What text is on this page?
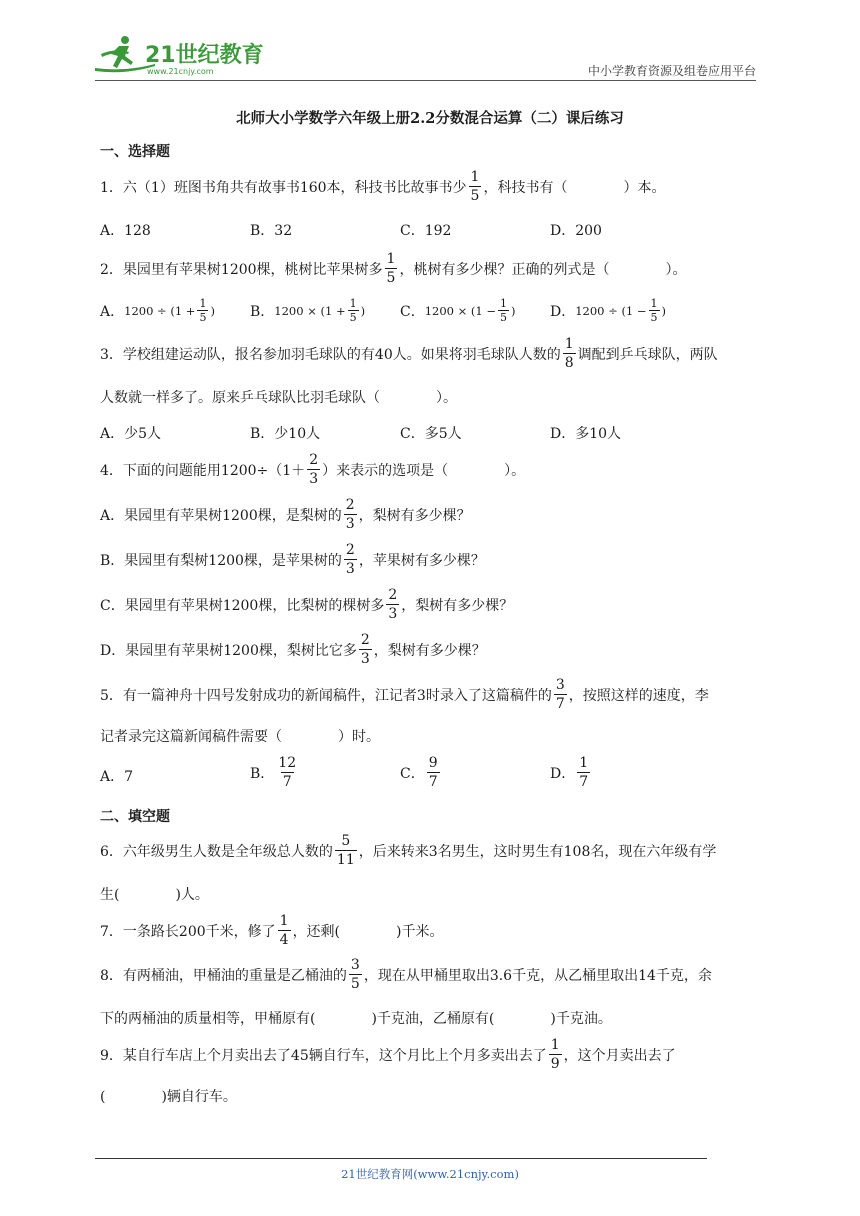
21世纪教育
www.21cnjy.com	中小学教育资源及组卷应用平台
北师大小学数学六年级上册2.2分数混合运算（二）课后练习
一、选择题
1．六（1）班图书角共有故事书160本，科技书比故事书少 $\frac{1}{5}$ ，科技书有（　　　　）本。
A．128	B．32	C．192	D．200
2．果园里有苹果树1200棵，桃树比苹果树多 $\frac{1}{5}$ ，桃树有多少棵？正确的列式是（　　　　）。
A． $1200 \div (1 + \frac{1}{5}$ )	B． $1200 \times (1 + \frac{1}{5}$ ) C． $1200 \times (1 - \frac{1}{5}$ ) D． $1200 \div (1 - \frac{1}{5}$ )
3．学校组建运动队，报名参加羽毛球队的有40人。如果将羽毛球队人数的 $\frac{1}{8}$ 调配到乒乓球队，两队
人数就一样多了。原来乒乓球队比羽毛球队（　　　　）。
A．少5人	B．少10人	C．多5人	D．多10人
4．下面的问题能用$1200\div(1+ \frac{2}{3}$ ）来表示的选项是（　　　　）。
A．果园里有苹果树1200棵，是梨树的 $\frac{2}{3}$ ，梨树有多少棵？
B．果园里有梨树1200棵，是苹果树的 $\frac{2}{3}$ ，苹果树有多少棵？
C．果园里有苹果树1200棵，比梨树的棵树多 $\frac{2}{3}$ ，梨树有多少棵？
D．果园里有苹果树1200棵，梨树比它多 $\frac{2}{3}$ ，梨树有多少棵？
5．有一篇神舟十四号发射成功的新闻稿件，江记者3时录入了这篇稿件的 $\frac{3}{7}$ ，按照这样的速度，李
记者录完这篇新闻稿件需要（　　　　）时。
A．7	B． $\frac{12}{7}$	C． $\frac{9}{7}$	D． $\frac{1}{7}$
二、填空题
6．六年级男生人数是全年级总人数的 $\frac{5}{11}$ ，后来转来3名男生，这时男生有108名，现在六年级有学
生(　　　　)人。
7．一条路长200千米，修了 $\frac{1}{4}$ ，还剩(　　　　)千米。
8．有两桶油，甲桶油的重量是乙桶油的 $\frac{3}{5}$ ，现在从甲桶里取出3.6千克，从乙桶里取出14千克，余
下的两桶油的质量相等，甲桶原有(　　　　)千克油，乙桶原有(　　　　)千克油。
9．某自行车店上个月卖出去了45辆自行车，这个月比上个月多卖出去了 $\frac{1}{9}$ ，这个月卖出去了
(　　　　)辆自行车。
21世纪教育网(www.21cnjy.com)
